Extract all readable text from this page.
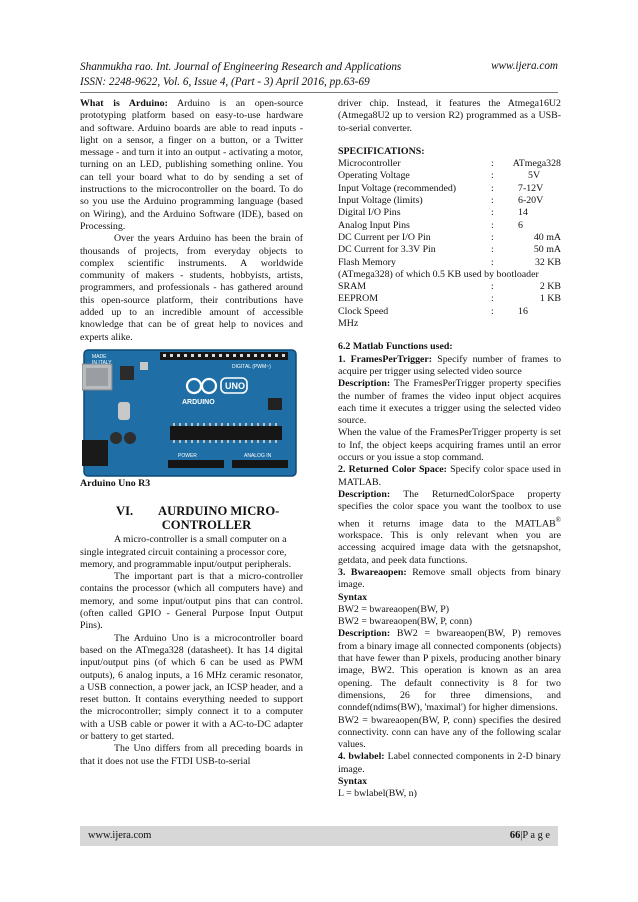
Shanmukha rao. Int. Journal of Engineering Research and Applications
ISSN: 2248-9622, Vol. 6, Issue 4, (Part - 3) April 2016, pp.63-69
www.ijera.com

What is Arduino: Arduino is an open-source prototyping platform based on easy-to-use hardware and software. Arduino boards are able to read inputs - light on a sensor, a finger on a button, or a Twitter message - and turn it into an output - activating a motor, turning on an LED, publishing something online. You can tell your board what to do by sending a set of instructions to the microcontroller on the board. To do so you use the Arduino programming language (based on Wiring), and the Arduino Software (IDE), based on Processing.

Over the years Arduino has been the brain of thousands of projects, from everyday objects to complex scientific instruments. A worldwide community of makers - students, hobbyists, artists, programmers, and professionals - has gathered around this open-source platform, their contributions have added up to an incredible amount of accessible knowledge that can be of great help to novices and experts alike.

MADE
IN ITALY
DIGITAL (PWM~)
UNO
ARDUINO
POWER	ANALOG IN

Arduino Uno R3

VI. AURDUINO MICRO-
CONTROLLER

A micro-controller is a small computer on a single integrated circuit containing a processor core, memory, and programmable input/output peripherals.

The important part is that a micro-controller contains the processor (which all computers have) and memory, and some input/output pins that can control. (often called GPIO - General Purpose Input Output Pins).

The Arduino Uno is a microcontroller board based on the ATmega328 (datasheet). It has 14 digital input/output pins (of which 6 can be used as PWM outputs), 6 analog inputs, a 16 MHz ceramic resonator, a USB connection, a power jack, an ICSP header, and a reset button. It contains everything needed to support the microcontroller; simply connect it to a computer with a USB cable or power it with a AC-to-DC adapter or battery to get started.

The Uno differs from all preceding boards in that it does not use the FTDI USB-to-serial

driver chip. Instead, it features the Atmega16U2 (Atmega8U2 up to version R2) programmed as a USB-to-serial converter.

SPECIFICATIONS:

Microcontroller	: ATmega328
Operating Voltage	:	5V
Input Voltage (recommended)	: 7-12V
Input Voltage (limits)	: 6-20V
Digital I/O Pins	: 14
Analog Input Pins	: 6
DC Current per I/O Pin	:	40 mA
DC Current for 3.3V Pin	:	50 mA
Flash Memory	:	32 KB

(ATmega328) of which 0.5 KB used by bootloader

SRAM	:	2 KB
EEPROM	:	1 KB
Clock Speed	: 16

MHz

6.2 Matlab Functions used:

1. FramesPerTrigger: Specify number of frames to acquire per trigger using selected video source

Description: The FramesPerTrigger property specifies the number of frames the video input object acquires each time it executes a trigger using the selected video source.

When the value of the FramesPerTrigger property is set to Inf, the object keeps acquiring frames until an error occurs or you issue a stop command.

2. Returned Color Space: Specify color space used in MATLAB.

Description: The ReturnedColorSpace property specifies the color space you want the toolbox to use when it returns image data to the MATLAB® workspace. This is only relevant when you are accessing acquired image data with the getsnapshot, getdata, and peek data functions.

3. Bwareaopen: Remove small objects from binary image.

Syntax

BW2 = bwareaopen(BW, P)

BW2 = bwareaopen(BW, P, conn)

Description: BW2 = bwareaopen(BW, P) removes from a binary image all connected components (objects) that have fewer than P pixels, producing another binary image, BW2. This operation is known as an area opening. The default connectivity is 8 for two dimensions, 26 for three dimensions, and conndef(ndims(BW), 'maximal') for higher dimensions.

BW2 = bwareaopen(BW, P, conn) specifies the desired connectivity. conn can have any of the following scalar values.

4. bwlabel: Label connected components in 2-D binary image.

Syntax

L = bwlabel(BW, n)

www.ijera.com	66|P a g e
